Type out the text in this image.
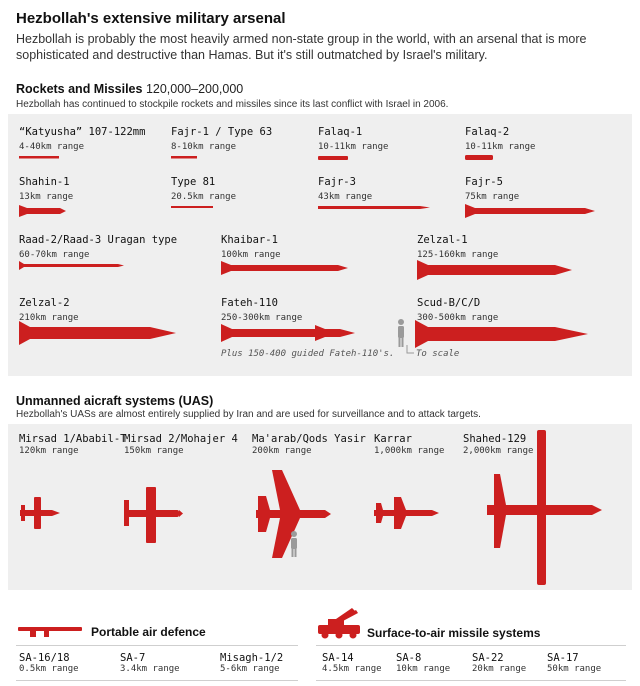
Hezbollah's extensive military arsenal
Hezbollah is probably the most heavily armed non-state group in the world, with an arsenal that is more sophisticated and destructive than Hamas. But it's still outmatched by Israel's military.
Rockets and Missiles 120,000–200,000
Hezbollah has continued to stockpile rockets and missiles since its last conflict with Israel in 2006.
“Katyusha” 107-122mm
4-40km range
Fajr-1 / Type 63
8-10km range
Falaq-1
10-11km range
Falaq-2
10-11km range
Shahin-1
13km range
Type 81
20.5km range
Fajr-3
43km range
Fajr-5
75km range
Raad-2/Raad-3 Uragan type
60-70km range
Khaibar-1
100km range
Zelzal-1
125-160km range
Zelzal-2
210km range
Fateh-110
250-300km range
Scud-B/C/D
300-500km range
Plus 150-400 guided Fateh-110's. To scale
Unmanned aicraft systems (UAS)
Hezbollah's UASs are almost entirely supplied by Iran and are used for surveillance and to attack targets.
Mirsad 1/Ababil-T
120km range
Mirsad 2/Mohajer 4
150km range
Ma'arab/Qods Yasir
200km range
Karrar
1,000km range
Shahed-129
2,000km range
Portable air defence
SA-16/18
0.5km range
SA-7
3.4km range
Misagh-1/2
5-6km range
Surface-to-air missile systems
SA-14
4.5km range
SA-8
10km range
SA-22
20km range
SA-17
50km range
